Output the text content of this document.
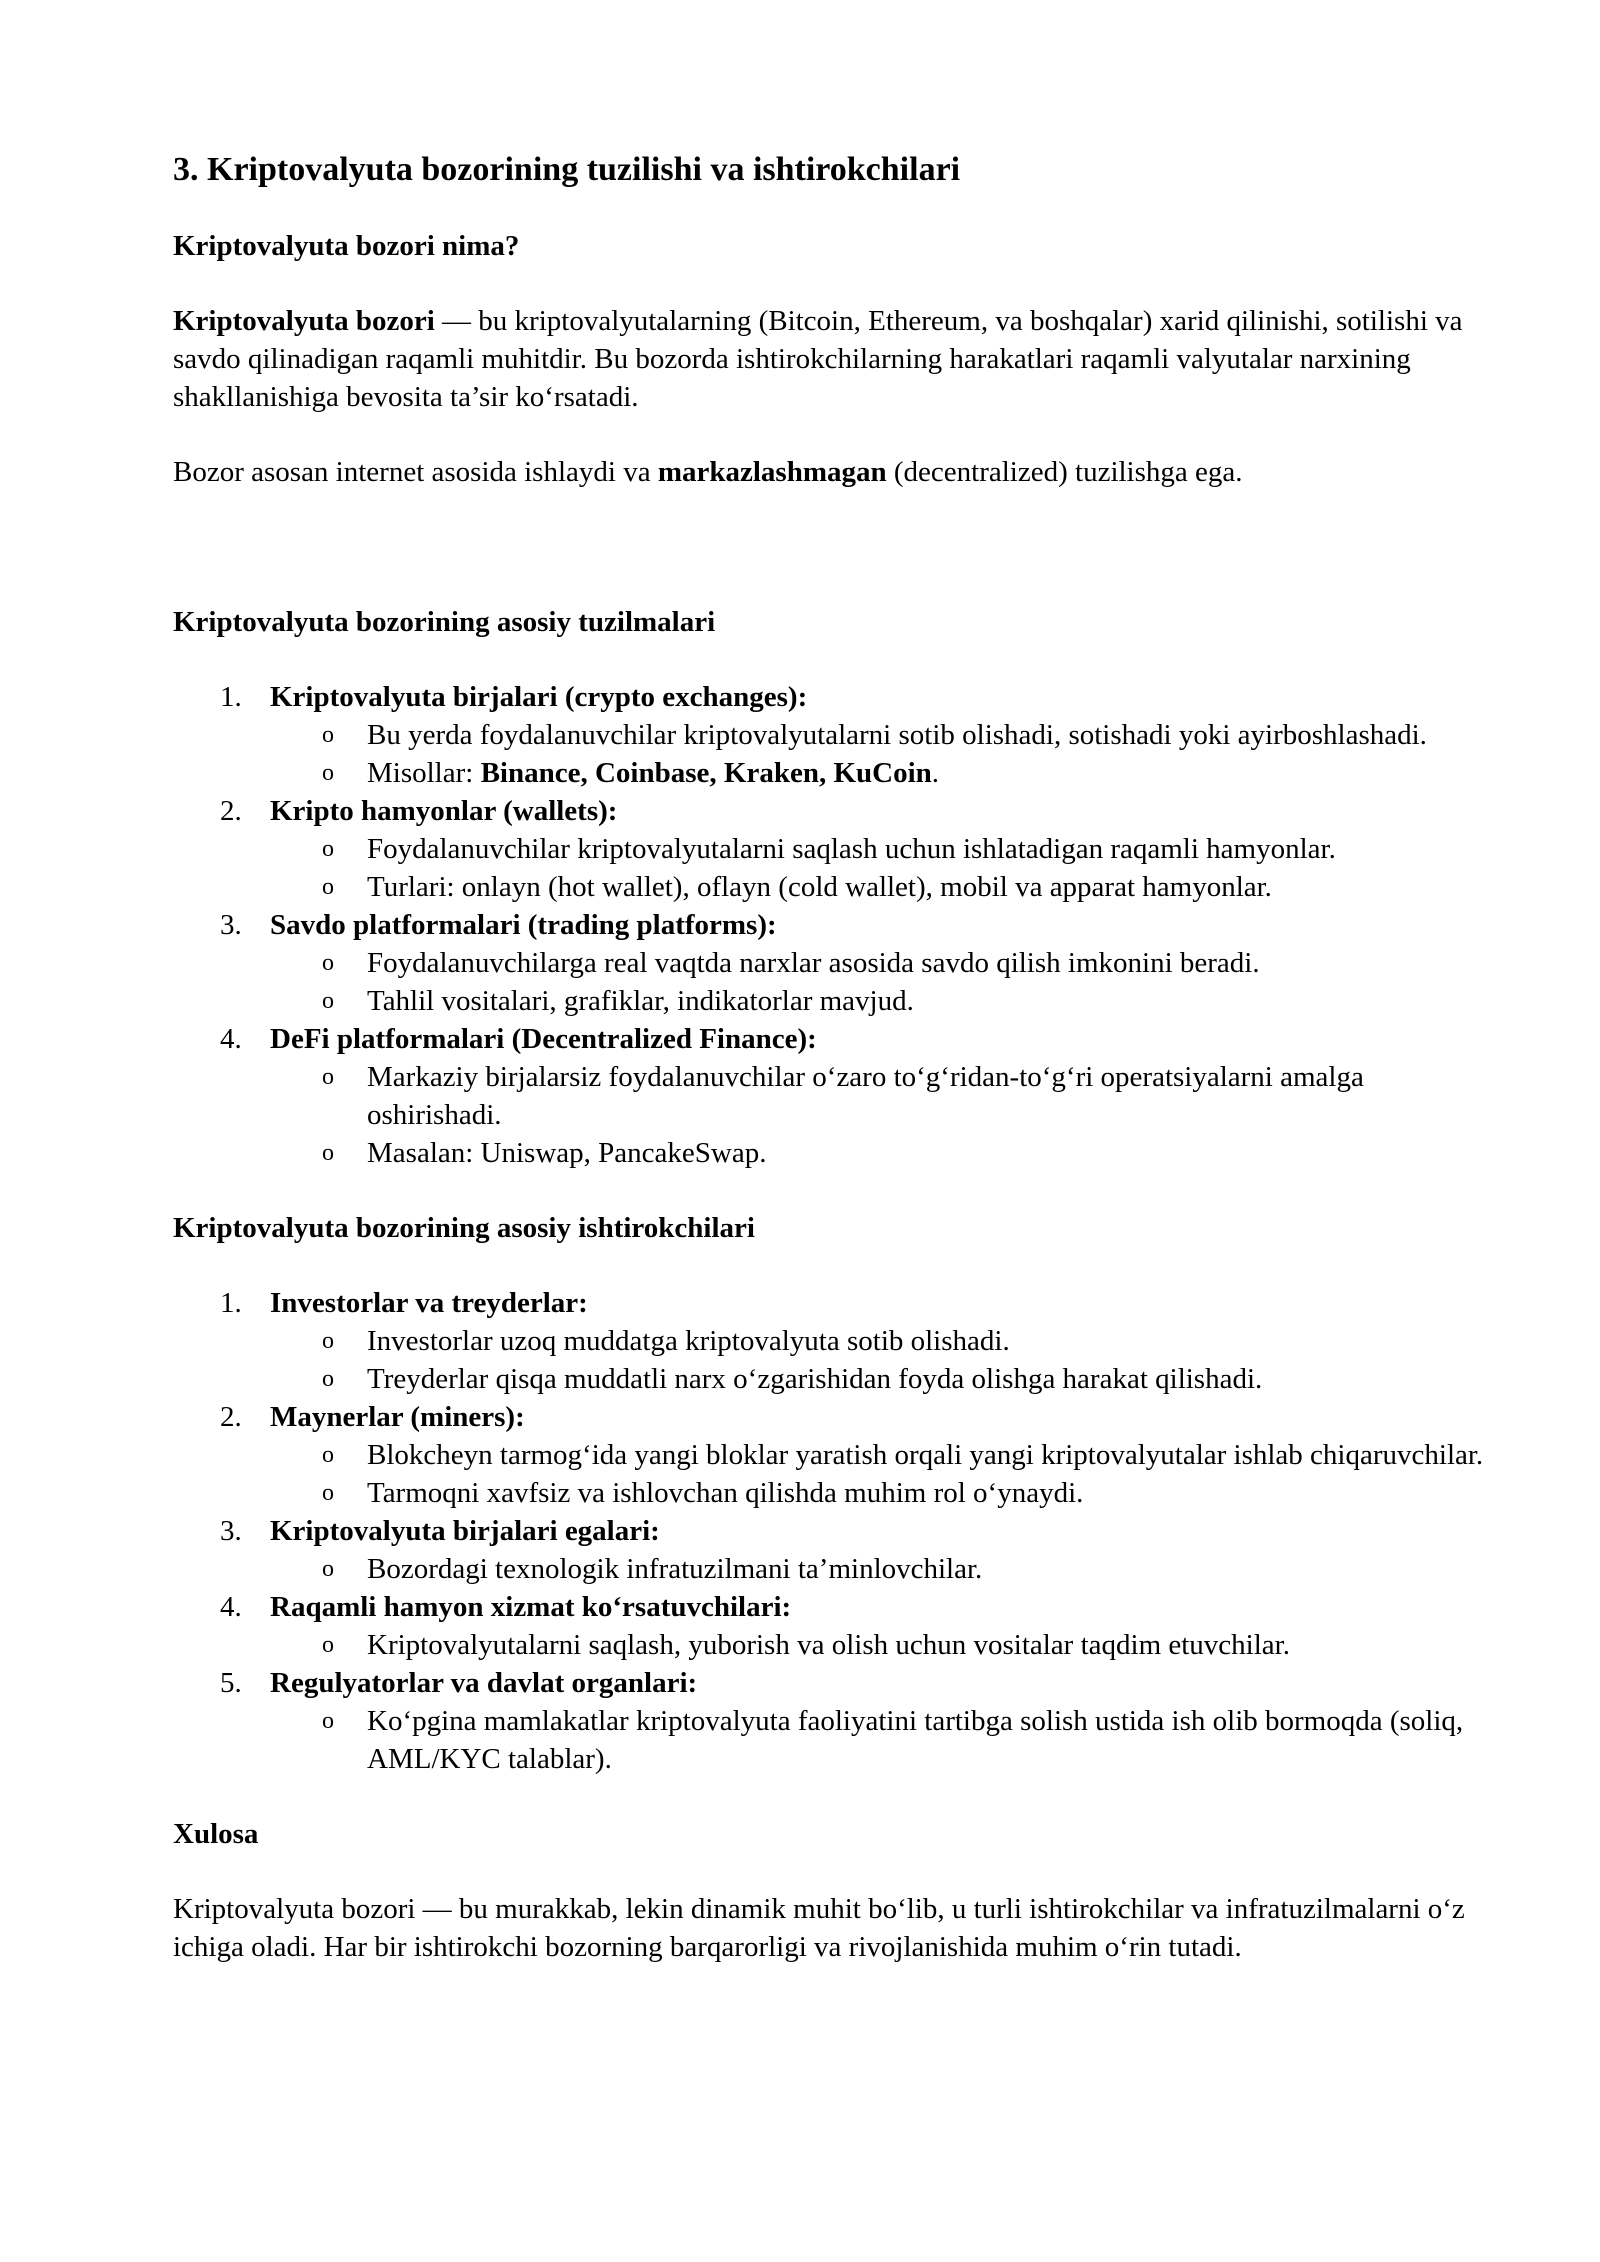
3. Kriptovalyuta bozorining tuzilishi va ishtirokchilari
Kriptovalyuta bozori nima?

Kriptovalyuta bozori — bu kriptovalyutalarning (Bitcoin, Ethereum, va boshqalar) xarid qilinishi, sotilishi va savdo qilinadigan raqamli muhitdir. Bu bozorda ishtirokchilarning harakatlari raqamli valyutalar narxining shakllanishiga bevosita ta’sir ko‘rsatadi.

Bozor asosan internet asosida ishlaydi va markazlashmagan (decentralized) tuzilishga ega.

Kriptovalyuta bozorining asosiy tuzilmalari
1. Kriptovalyuta birjalari (crypto exchanges):
o Bu yerda foydalanuvchilar kriptovalyutalarni sotib olishadi, sotishadi yoki ayirboshlashadi.
o Misollar: Binance, Coinbase, Kraken, KuCoin.
2. Kripto hamyonlar (wallets):
o Foydalanuvchilar kriptovalyutalarni saqlash uchun ishlatadigan raqamli hamyonlar.
o Turlari: onlayn (hot wallet), oflayn (cold wallet), mobil va apparat hamyonlar.
3. Savdo platformalari (trading platforms):
o Foydalanuvchilarga real vaqtda narxlar asosida savdo qilish imkonini beradi.
o Tahlil vositalari, grafiklar, indikatorlar mavjud.
4. DeFi platformalari (Decentralized Finance):
o Markaziy birjalarsiz foydalanuvchilar o‘zaro to‘g‘ridan-to‘g‘ri operatsiyalarni amalga oshirishadi.
o Masalan: Uniswap, PancakeSwap.
Kriptovalyuta bozorining asosiy ishtirokchilari
1. Investorlar va treyderlar:
o Investorlar uzoq muddatga kriptovalyuta sotib olishadi.
o Treyderlar qisqa muddatli narx o‘zgarishidan foyda olishga harakat qilishadi.
2. Maynerlar (miners):
o Blokcheyn tarmog‘ida yangi bloklar yaratish orqali yangi kriptovalyutalar ishlab chiqaruvchilar.
o Tarmoqni xavfsiz va ishlovchan qilishda muhim rol o‘ynaydi.
3. Kriptovalyuta birjalari egalari:
o Bozordagi texnologik infratuzilmani ta’minlovchilar.
4. Raqamli hamyon xizmat ko‘rsatuvchilari:
o Kriptovalyutalarni saqlash, yuborish va olish uchun vositalar taqdim etuvchilar.
5. Regulyatorlar va davlat organlari:
o Ko‘pgina mamlakatlar kriptovalyuta faoliyatini tartibga solish ustida ish olib bormoqda (soliq, AML/KYC talablar).
Xulosa

Kriptovalyuta bozori — bu murakkab, lekin dinamik muhit bo‘lib, u turli ishtirokchilar va infratuzilmalarni o‘z ichiga oladi. Har bir ishtirokchi bozorning barqarorligi va rivojlanishida muhim o‘rin tutadi.
